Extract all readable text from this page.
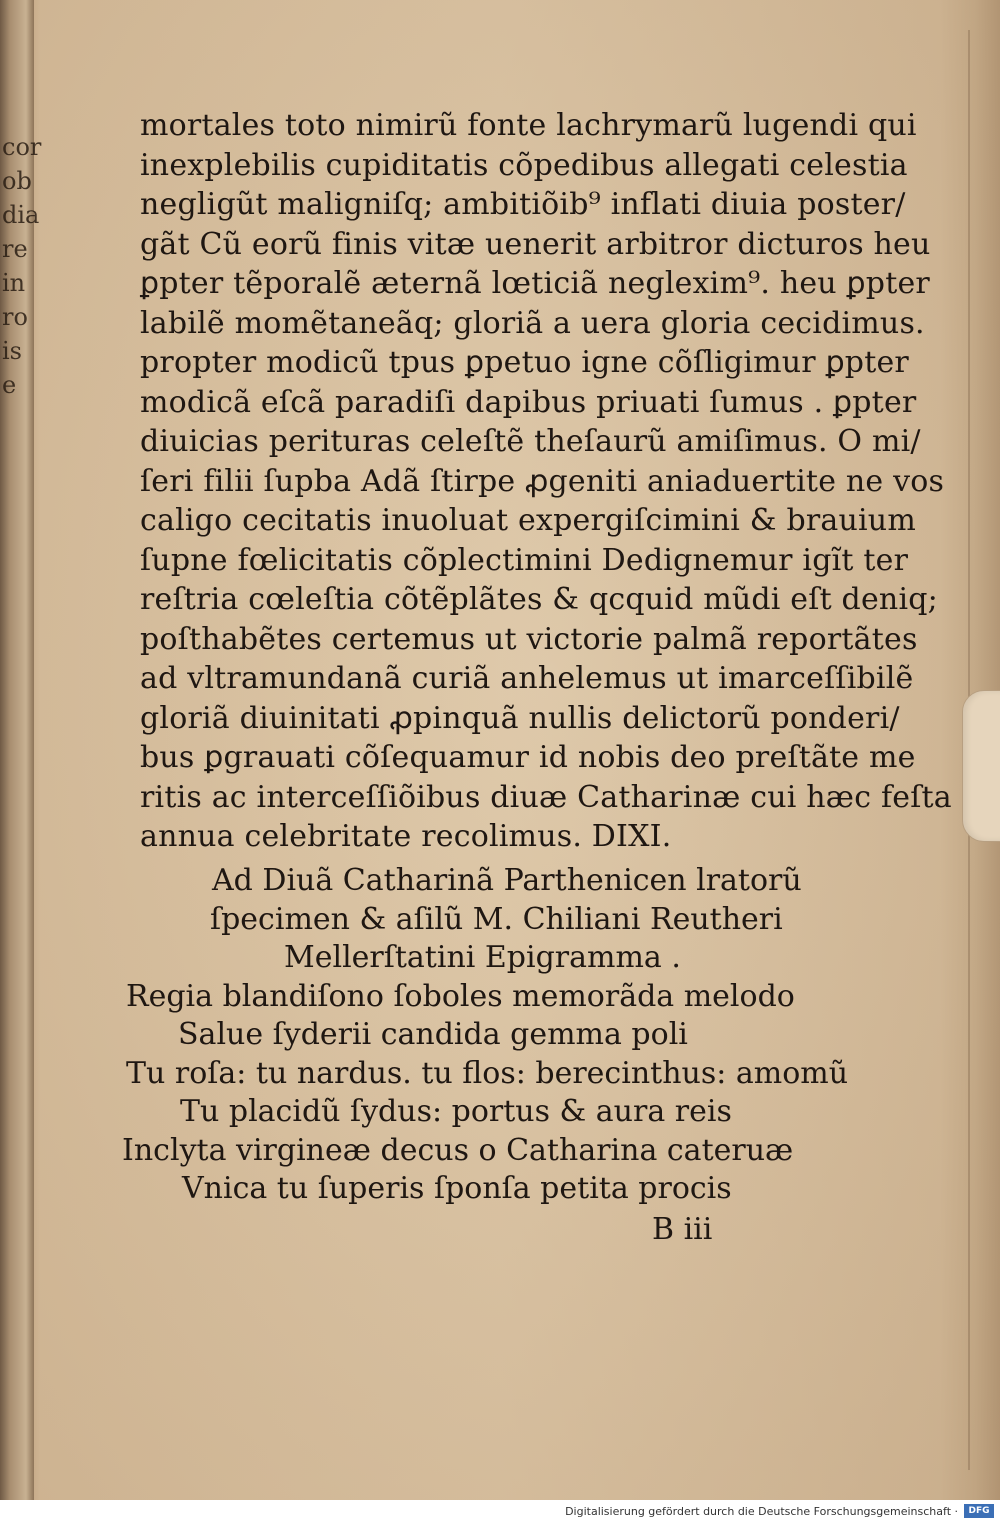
cor
ob
dia
re
in
ro
is
e
mortales toto nimirũ fonte lachrymarũ lugendi qui
inexplebilis cupiditatis cõpedibus allegati celestia
negligũt maligniſq; ambitiõib⁹ inflati diuia poster/
gãt Cũ eorũ finis vitæ uenerit arbitror dicturos heu
ꝑpter tẽporalẽ æternã lœticiã neglexim⁹. heu ꝑpter
labilẽ momẽtaneãq; gloriã a uera gloria cecidimus.
propter modicũ tpus ꝑpetuo igne cõſligimur ꝑpter
modicã eſcã paradiſi dapibus priuati ſumus . ꝑpter
diuicias perituras celeſtẽ theſaurũ amiſimus. O mi/
ſeri filii ſupba Adã ſtirpe ꝓgeniti aniaduertite ne vos
caligo cecitatis inuoluat expergiſcimini & brauium
ſupne fœlicitatis cõplectimini Dedignemur igĩt ter
reſtria cœleſtia cõtẽplãtes & qcquid mũdi eſt deniq;
poſthabẽtes certemus ut victorie palmã reportãtes
ad vltramundanã curiã anhelemus ut imarceſſibilẽ
gloriã diuinitati ꝓpinquã nullis delictorũ ponderi/
bus ꝑgrauati cõſequamur id nobis deo preſtãte me
ritis ac interceſſiõibus diuæ Catharinæ cui hæc feſta
annua celebritate recolimus. DIXI.
Ad Diuã Catharinã Parthenicen lratorũ
ſpecimen & aſilũ M. Chiliani Reutheri
Mellerſtatini Epigramma .
Regia blandiſono ſoboles memorãda melodo
Salue ſyderii candida gemma poli
Tu roſa: tu nardus. tu flos: berecinthus: amomũ
Tu placidũ ſydus: portus & aura reis
Inclyta virgineæ decus o Catharina cateruæ
Vnica tu ſuperis ſponſa petita procis
B iii
Digitalisierung gefördert durch die Deutsche Forschungsgemeinschaft ·	DFG
